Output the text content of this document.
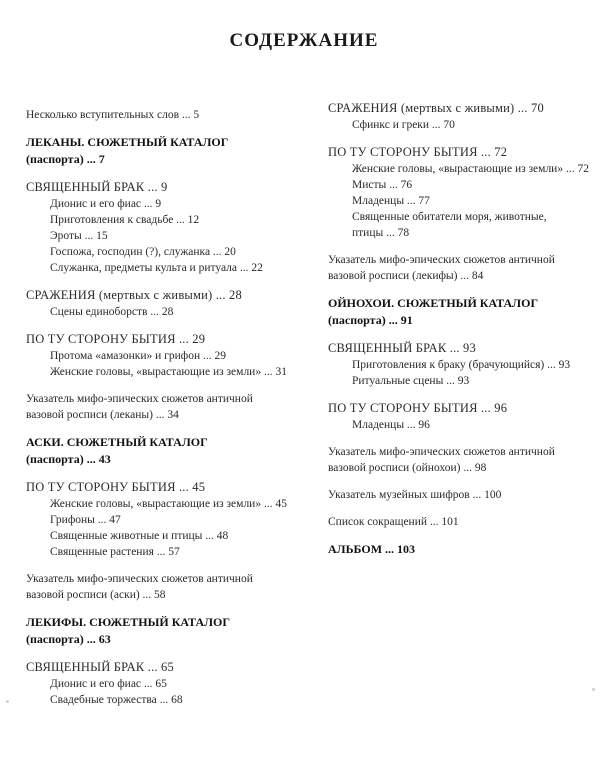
СОДЕРЖАНИЕ
Несколько вступительных слов ... 5
ЛЕКАНЫ. СЮЖЕТНЫЙ КАТАЛОГ (паспорта) ... 7
СВЯЩЕННЫЙ БРАК ... 9
Дионис и его фиас ... 9
Приготовления к свадьбе ... 12
Эроты ... 15
Госпожа, господин (?), служанка ... 20
Служанка, предметы культа и ритуала ... 22
СРАЖЕНИЯ (мертвых с живыми) ... 28
Сцены единоборств ... 28
ПО ТУ СТОРОНУ БЫТИЯ ... 29
Протома «амазонки» и грифон ... 29
Женские головы, «вырастающие из земли» ... 31
Указатель мифо-эпических сюжетов античной вазовой росписи (леканы) ... 34
АСКИ. СЮЖЕТНЫЙ КАТАЛОГ (паспорта) ... 43
ПО ТУ СТОРОНУ БЫТИЯ ... 45
Женские головы, «вырастающие из земли» ... 45
Грифоны ... 47
Священные животные и птицы ... 48
Священные растения ... 57
Указатель мифо-эпических сюжетов античной вазовой росписи (аски) ... 58
ЛЕКИФЫ. СЮЖЕТНЫЙ КАТАЛОГ (паспорта) ... 63
СВЯЩЕННЫЙ БРАК ... 65
Дионис и его фиас ... 65
Свадебные торжества ... 68
СРАЖЕНИЯ (мертвых с живыми) ... 70
Сфинкс и греки ... 70
ПО ТУ СТОРОНУ БЫТИЯ ... 72
Женские головы, «вырастающие из земли» ... 72
Мисты ... 76
Младенцы ... 77
Священные обитатели моря, животные, птицы ... 78
Указатель мифо-эпических сюжетов античной вазовой росписи (лекифы) ... 84
ОЙНОХОИ. СЮЖЕТНЫЙ КАТАЛОГ (паспорта) ... 91
СВЯЩЕННЫЙ БРАК ... 93
Приготовления к браку (брачующийся) ... 93
Ритуальные сцены ... 93
ПО ТУ СТОРОНУ БЫТИЯ ... 96
Младенцы ... 96
Указатель мифо-эпических сюжетов античной вазовой росписи (ойнохои) ... 98
Указатель музейных шифров ... 100
Список сокращений ... 101
АЛЬБОМ ... 103
